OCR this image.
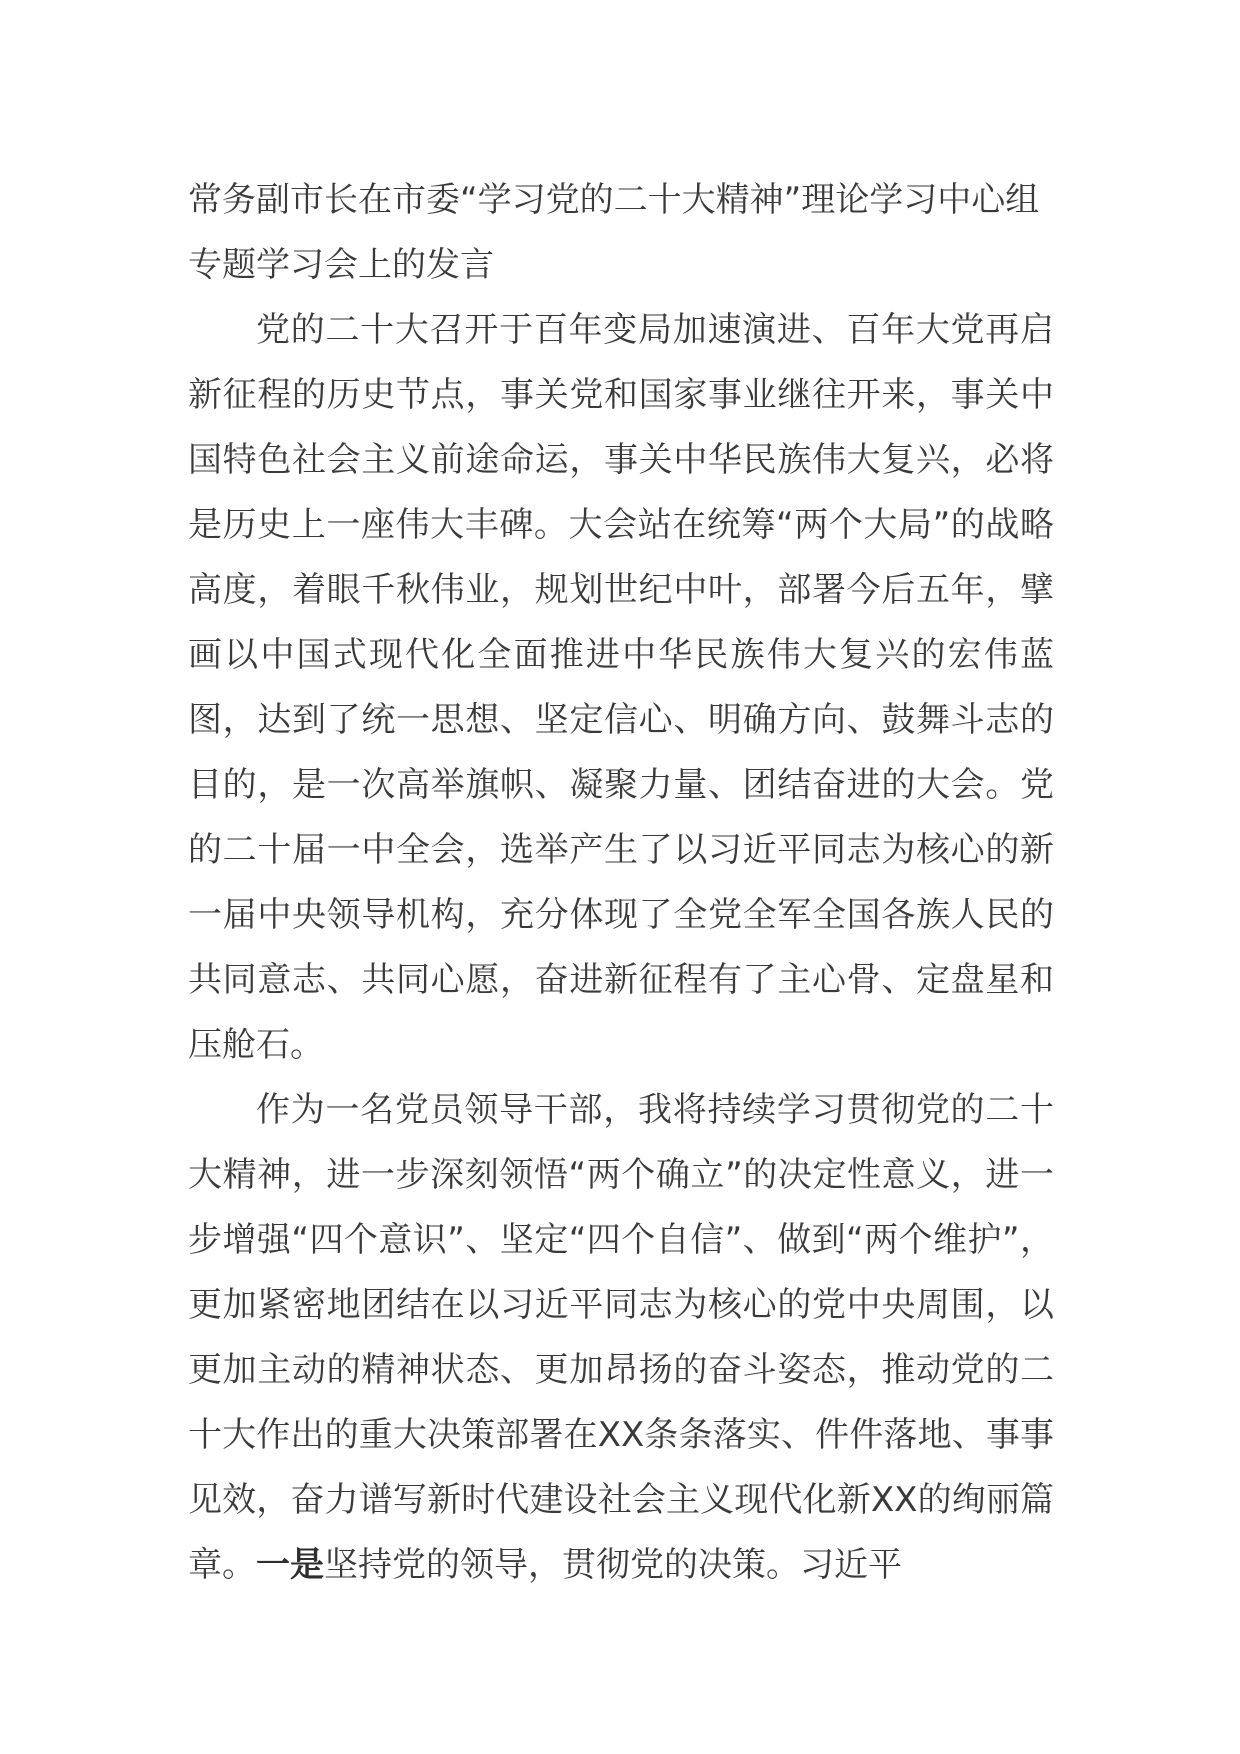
常务副市长在市委“学习党的二十大精神”理论学习中心组专题学习会上的发言

党的二十大召开于百年变局加速演进、百年大党再启新征程的历史节点，事关党和国家事业继往开来，事关中国特色社会主义前途命运，事关中华民族伟大复兴，必将是历史上一座伟大丰碑。大会站在统筹“两个大局”的战略高度，着眼千秋伟业，规划世纪中叶，部署今后五年，擘画以中国式现代化全面推进中华民族伟大复兴的宏伟蓝图，达到了统一思想、坚定信心、明确方向、鼓舞斗志的目的，是一次高举旗帜、凝聚力量、团结奋进的大会。党的二十届一中全会，选举产生了以习近平同志为核心的新一届中央领导机构，充分体现了全党全军全国各族人民的共同意志、共同心愿，奋进新征程有了主心骨、定盘星和压舱石。

作为一名党员领导干部，我将持续学习贯彻党的二十大精神，进一步深刻领悟“两个确立”的决定性意义，进一步增强“四个意识”、坚定“四个自信”、做到“两个维护”，更加紧密地团结在以习近平同志为核心的党中央周围，以更加主动的精神状态、更加昂扬的奋斗姿态，推动党的二十大作出的重大决策部署在XX条条落实、件件落地、事事见效，奋力谱写新时代建设社会主义现代化新XX的绚丽篇章。一是坚持党的领导，贯彻党的决策。习近平
